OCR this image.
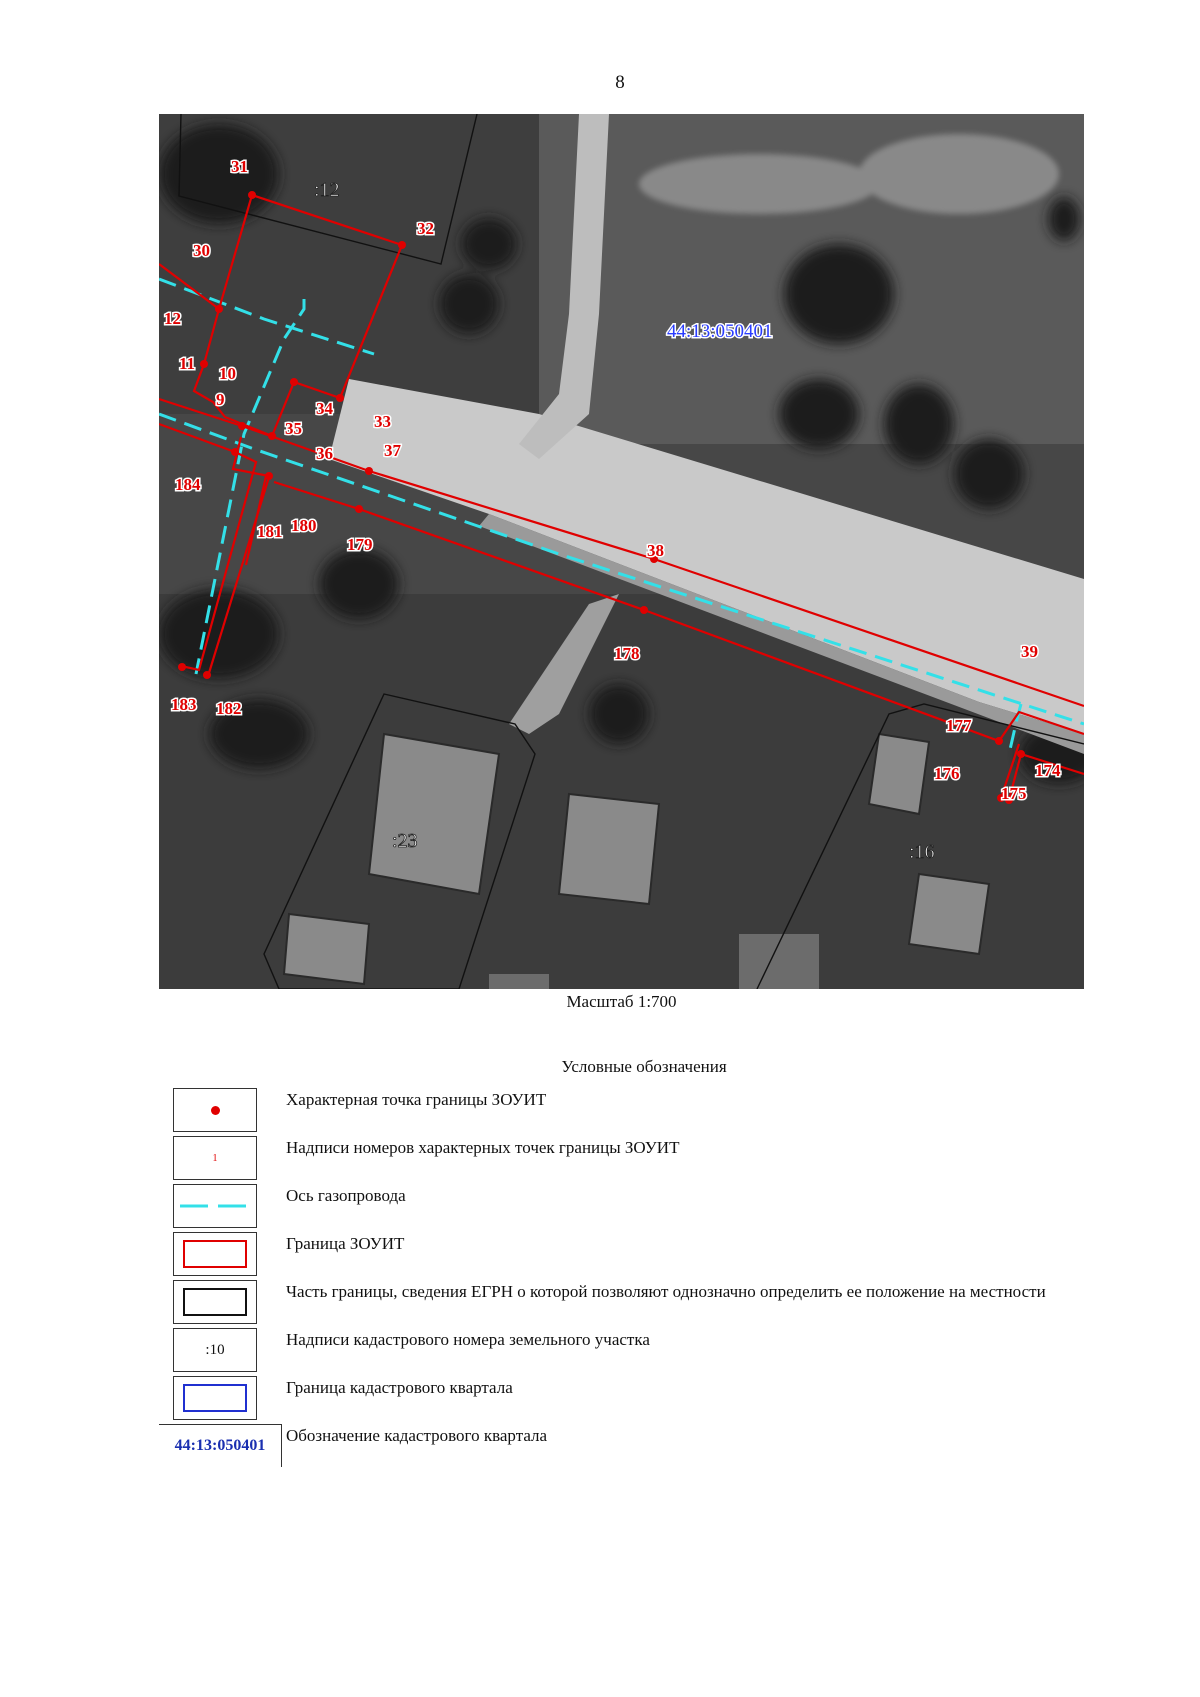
8
31
32
30
12
11
10
9	34
33
35
36	37
184
181 180
179	38
178	39
183 182
177
176
175
174
:12
:23	:16
44:13:050401
Масштаб 1:700
Условные обозначения
Характерная точка границы ЗОУИТ
1
Надписи номеров характерных точек границы ЗОУИТ
Ось газопровода
Граница ЗОУИТ
Часть границы, сведения ЕГРН о которой позволяют однозначно определить ее положение на местности
:10
Надписи кадастрового номера земельного участка
Граница кадастрового квартала
44:13:050401
Обозначение кадастрового квартала
